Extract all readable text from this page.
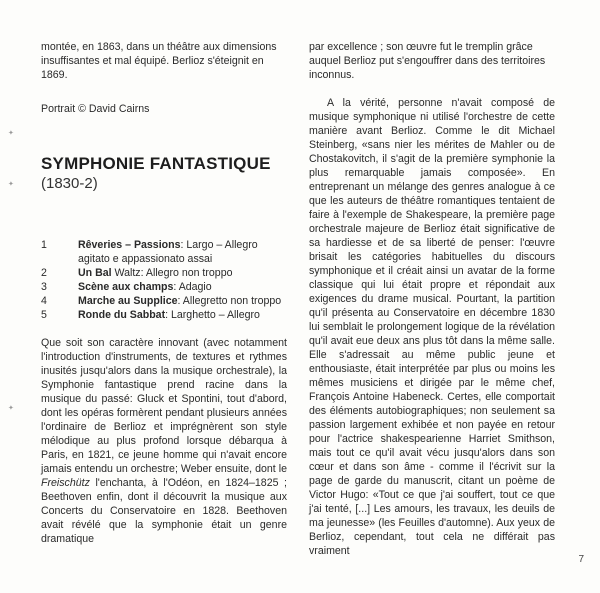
✦
✦
✦

montée, en 1863, dans un théâtre aux dimensions insuffisantes et mal équipé. Berlioz s'éteignit en 1869.

Portrait © David Cairns

SYMPHONIE FANTASTIQUE

(1830-2)

1	Rêveries – Passions: Largo – Allegro agitato e appassionato assai
2	Un Bal Waltz: Allegro non troppo
3	Scène aux champs: Adagio
4	Marche au Supplice: Allegretto non troppo
5	Ronde du Sabbat: Larghetto – Allegro

Que soit son caractère innovant (avec notamment l'introduction d'instruments, de textures et rythmes inusités jusqu'alors dans la musique orchestrale), la Symphonie fantastique prend racine dans la musique du passé: Gluck et Spontini, tout d'abord, dont les opéras formèrent pendant plusieurs années l'ordinaire de Berlioz et imprégnèrent son style mélodique au plus profond lorsque débarqua à Paris, en 1821, ce jeune homme qui n'avait encore jamais entendu un orchestre; Weber ensuite, dont le Freischütz l'enchanta, à l'Odéon, en 1824–1825 ; Beethoven enfin, dont il découvrit la musique aux Concerts du Conservatoire en 1828. Beethoven avait révélé que la symphonie était un genre dramatique

par excellence ; son œuvre fut le tremplin grâce auquel Berlioz put s'engouffrer dans des territoires inconnus.

A la vérité, personne n'avait composé de musique symphonique ni utilisé l'orchestre de cette manière avant Berlioz. Comme le dit Michael Steinberg, «sans nier les mérites de Mahler ou de Chostakovitch, il s'agit de la première symphonie la plus remarquable jamais composée». En entreprenant un mélange des genres analogue à ce que les auteurs de théâtre romantiques tentaient de faire à l'exemple de Shakespeare, la première page orchestrale majeure de Berlioz était significative de sa hardiesse et de sa liberté de penser: l'œuvre brisait les catégories habituelles du discours symphonique et il créait ainsi un avatar de la forme classique qui lui était propre et répondait aux exigences du drame musical. Pourtant, la partition qu'il présenta au Conservatoire en décembre 1830 lui semblait le prolongement logique de la révélation qu'il avait eue deux ans plus tôt dans la même salle. Elle s'adressait au même public jeune et enthousiaste, était interprétée par plus ou moins les mêmes musiciens et dirigée par le même chef, François Antoine Habeneck. Certes, elle comportait des éléments autobiographiques; non seulement sa passion largement exhibée et non payée en retour pour l'actrice shakespearienne Harriet Smithson, mais tout ce qu'il avait vécu jusqu'alors dans son cœur et dans son âme - comme il l'écrivit sur la page de garde du manuscrit, citant un poème de Victor Hugo: «Tout ce que j'ai souffert, tout ce que j'ai tenté, [...] Les amours, les travaux, les deuils de ma jeunesse» (les Feuilles d'automne). Aux yeux de Berlioz, cependant, tout cela ne différait pas vraiment

7
